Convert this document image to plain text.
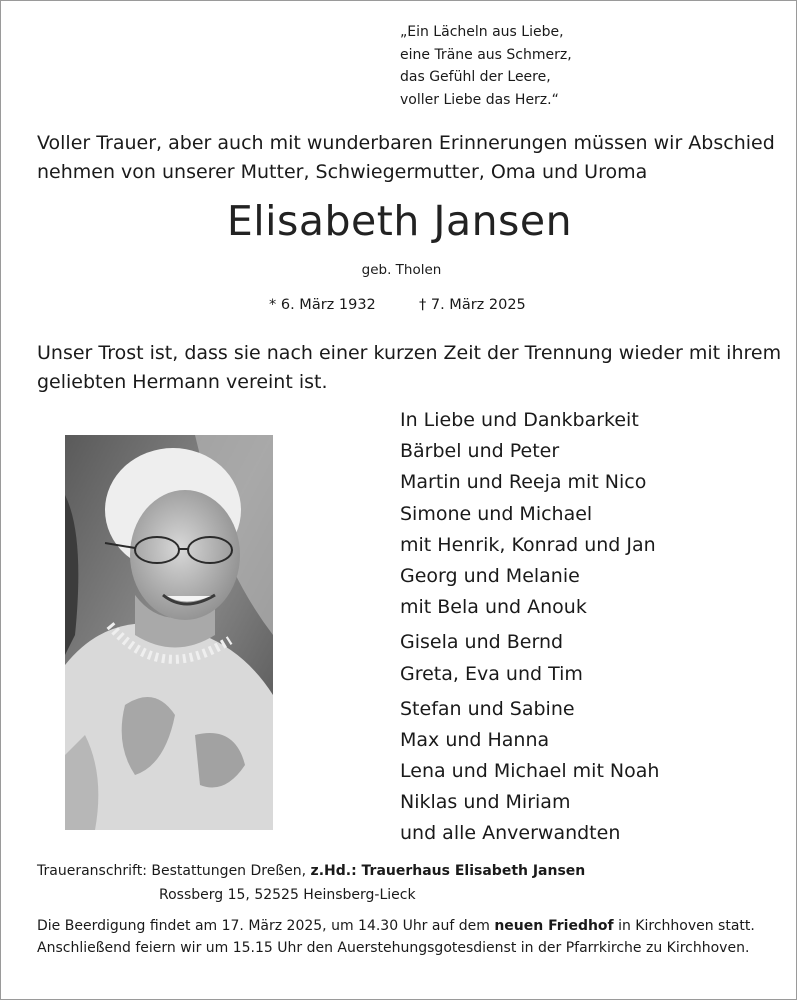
„Ein Lächeln aus Liebe,
eine Träne aus Schmerz,
das Gefühl der Leere,
voller Liebe das Herz.“
Voller Trauer, aber auch mit wunderbaren Erinnerungen müssen wir Abschied
nehmen von unserer Mutter, Schwiegermutter, Oma und Uroma
Elisabeth Jansen
geb. Tholen
* 6. März 1932	† 7. März 2025
Unser Trost ist, dass sie nach einer kurzen Zeit der Trennung wieder mit ihrem
geliebten Hermann vereint ist.
In Liebe und Dankbarkeit
Bärbel und Peter
Martin und Reeja mit Nico
Simone und Michael
mit Henrik, Konrad und Jan
Georg und Melanie
mit Bela und Anouk
Gisela und Bernd
Greta, Eva und Tim
Stefan und Sabine
Max und Hanna
Lena und Michael mit Noah
Niklas und Miriam
und alle Anverwandten
Traueranschrift: Bestattungen Dreßen, z.Hd.: Trauerhaus Elisabeth Jansen
Rossberg 15, 52525 Heinsberg-Lieck
Die Beerdigung findet am 17. März 2025, um 14.30 Uhr auf dem neuen Friedhof in Kirchhoven statt. Anschließend feiern wir um 15.15 Uhr den Auerstehungsgotesdienst in der Pfarrkirche zu Kirchhoven.
